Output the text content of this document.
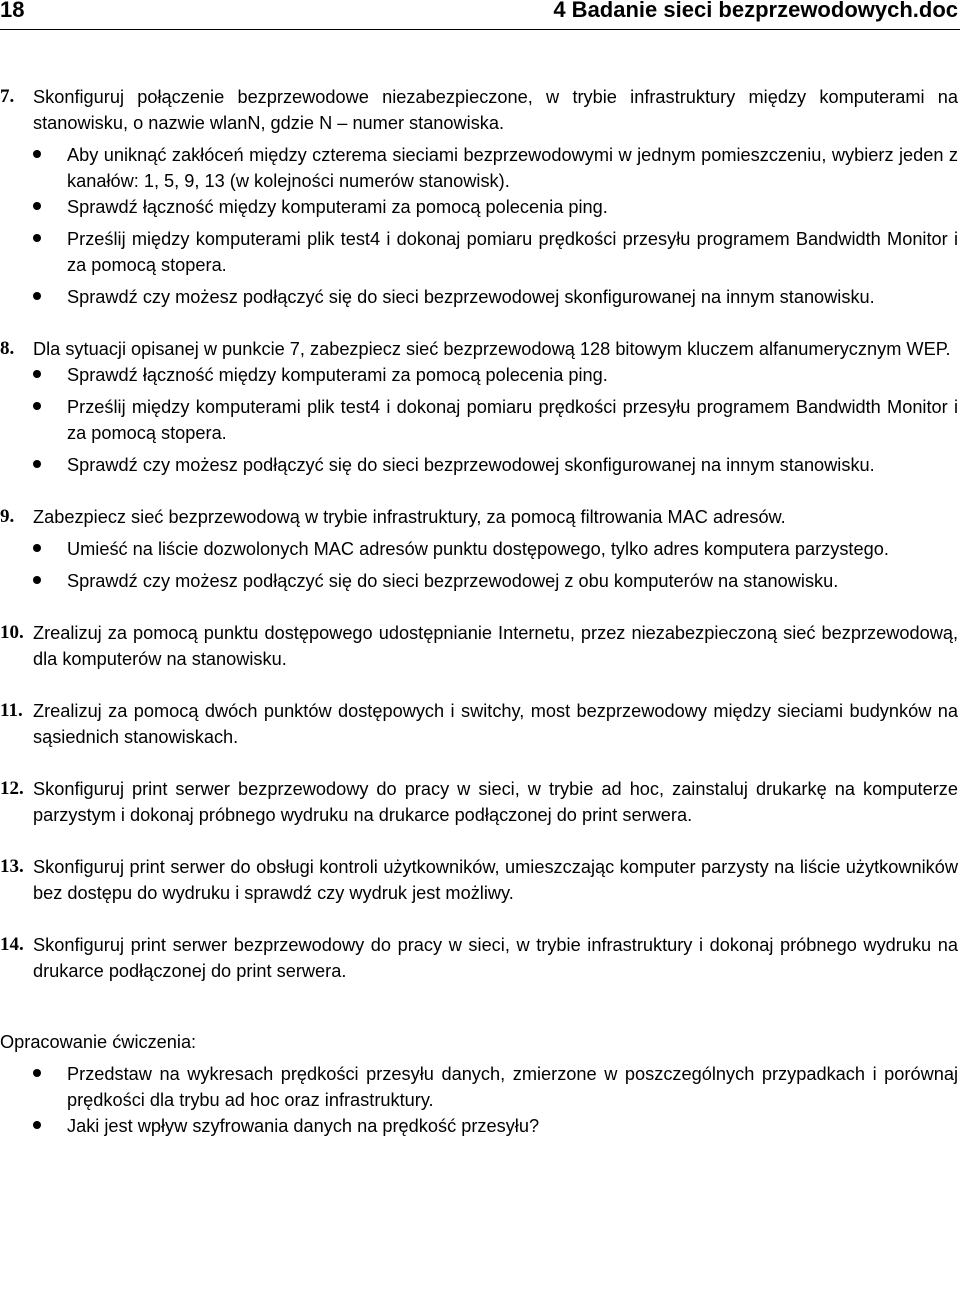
18	4 Badanie sieci bezprzewodowych.doc
7. Skonfiguruj połączenie bezprzewodowe niezabezpieczone, w trybie infrastruktury między komputerami na stanowisku, o nazwie wlanN, gdzie N – numer stanowiska.
Aby uniknąć zakłóceń między czterema sieciami bezprzewodowymi w jednym pomieszczeniu, wybierz jeden z kanałów: 1, 5, 9, 13 (w kolejności numerów stanowisk).
Sprawdź łączność między komputerami za pomocą polecenia ping.
Prześlij między komputerami plik test4 i dokonaj pomiaru prędkości przesyłu programem Bandwidth Monitor i za pomocą stopera.
Sprawdź czy możesz podłączyć się do sieci bezprzewodowej skonfigurowanej na innym stanowisku.
8. Dla sytuacji opisanej w punkcie 7, zabezpiecz sieć bezprzewodową 128 bitowym kluczem alfanumerycznym WEP.
Sprawdź łączność między komputerami za pomocą polecenia ping.
Prześlij między komputerami plik test4 i dokonaj pomiaru prędkości przesyłu programem Bandwidth Monitor i za pomocą stopera.
Sprawdź czy możesz podłączyć się do sieci bezprzewodowej skonfigurowanej na innym stanowisku.
9. Zabezpiecz sieć bezprzewodową w trybie infrastruktury, za pomocą filtrowania MAC adresów.
Umieść na liście dozwolonych MAC adresów punktu dostępowego, tylko adres komputera parzystego.
Sprawdź czy możesz podłączyć się do sieci bezprzewodowej z obu komputerów na stanowisku.
10. Zrealizuj za pomocą punktu dostępowego udostępnianie Internetu, przez niezabezpieczoną sieć bezprzewodową, dla komputerów na stanowisku.
11. Zrealizuj za pomocą dwóch punktów dostępowych i switchy, most bezprzewodowy między sieciami budynków na sąsiednich stanowiskach.
12. Skonfiguruj print serwer bezprzewodowy do pracy w sieci, w trybie ad hoc, zainstaluj drukarkę na komputerze parzystym i dokonaj próbnego wydruku na drukarce podłączonej do print serwera.
13. Skonfiguruj print serwer do obsługi kontroli użytkowników, umieszczając komputer parzysty na liście użytkowników bez dostępu do wydruku i sprawdź czy wydruk jest możliwy.
14. Skonfiguruj print serwer bezprzewodowy do pracy w sieci, w trybie infrastruktury i dokonaj próbnego wydruku na drukarce podłączonej do print serwera.
Opracowanie ćwiczenia:
Przedstaw na wykresach prędkości przesyłu danych, zmierzone w poszczególnych przypadkach i porównaj prędkości dla trybu ad hoc oraz infrastruktury.
Jaki jest wpływ szyfrowania danych na prędkość przesyłu?
